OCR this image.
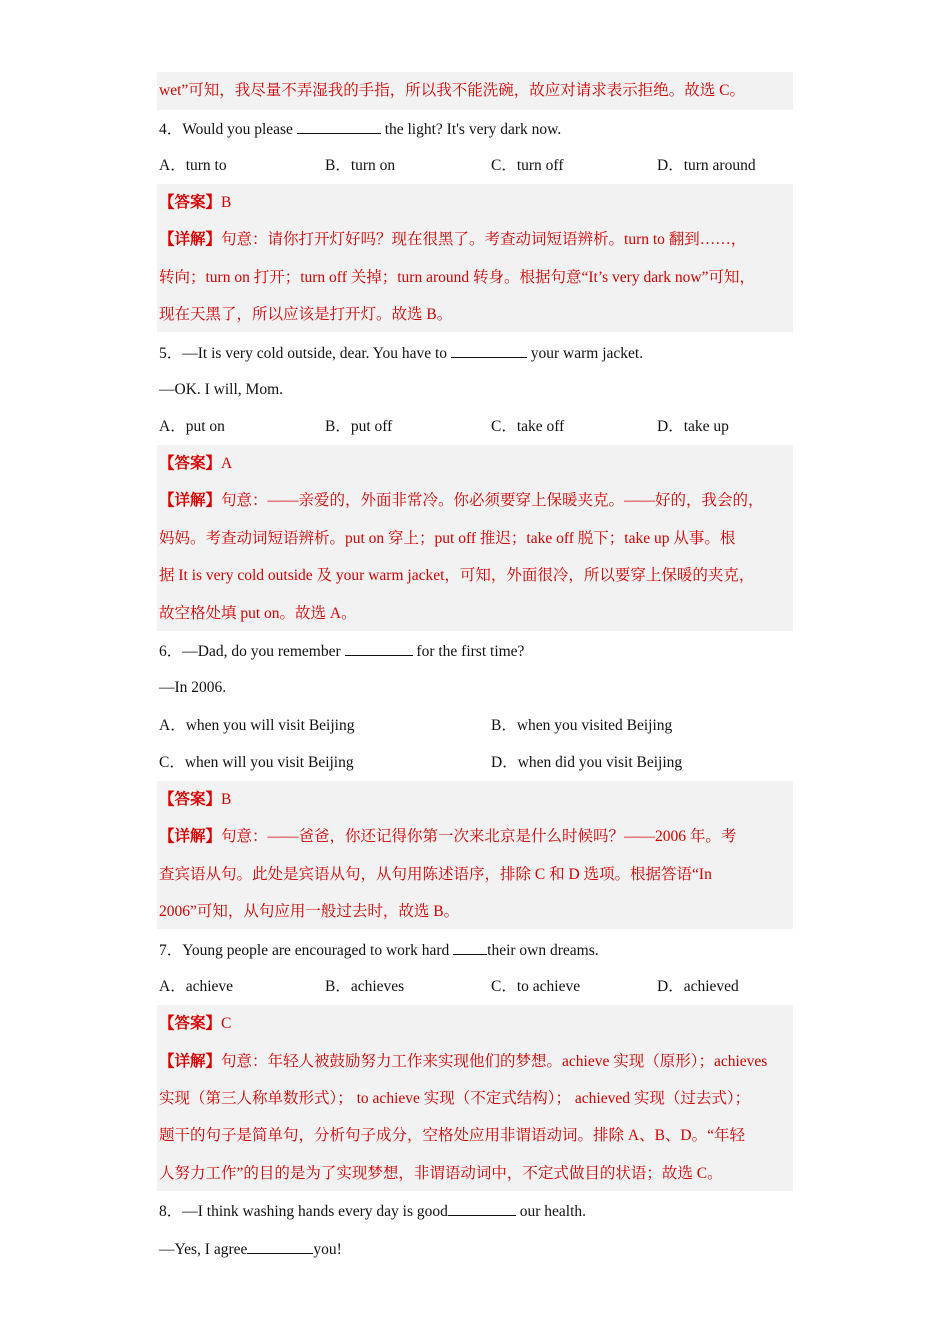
wet”可知，我尽量不弄湿我的手指，所以我不能洗碗，故应对请求表示拒绝。故选 C。
4．Would you please	the light? It's very dark now.
A．turn to	B．turn on	C．turn off	D．turn around
【答案】B
【详解】句意：请你打开灯好吗？现在很黑了。考查动词短语辨析。turn to 翻到……，
转向；turn on 打开；turn off 关掉；turn around 转身。根据句意“It’s very dark now”可知，
现在天黑了，所以应该是打开灯。故选 B。
5．—It is very cold outside, dear. You have to	your warm jacket.
—OK. I will, Mom.
A．put on	B．put off	C．take off	D．take up
【答案】A
【详解】句意：——亲爱的，外面非常冷。你必须要穿上保暖夹克。——好的，我会的，
妈妈。考查动词短语辨析。put on 穿上；put off 推迟；take off 脱下；take up 从事。根
据 It is very cold outside 及 your warm jacket，可知，外面很冷，所以要穿上保暖的夹克，
故空格处填 put on。故选 A。
6．—Dad, do you remember	for the first time?
—In 2006.
A．when you will visit Beijing	B．when you visited Beijing
C．when will you visit Beijing	D．when did you visit Beijing
【答案】B
【详解】句意：——爸爸，你还记得你第一次来北京是什么时候吗？——2006 年。考
查宾语从句。此处是宾语从句，从句用陈述语序，排除 C 和 D 选项。根据答语“In
2006”可知，从句应用一般过去时，故选 B。
7．Young people are encouraged to work hard their own dreams.
A．achieve	B．achieves	C．to achieve	D．achieved
【答案】C
【详解】句意：年轻人被鼓励努力工作来实现他们的梦想。achieve 实现（原形）；achieves
实现（第三人称单数形式）； to achieve 实现（不定式结构）； achieved 实现（过去式）；
题干的句子是简单句，分析句子成分，空格处应用非谓语动词。排除 A、B、D。“年轻
人努力工作”的目的是为了实现梦想，非谓语动词中，不定式做目的状语；故选 C。
8．—I think washing hands every day is good	our health.
—Yes, I agree	you!
